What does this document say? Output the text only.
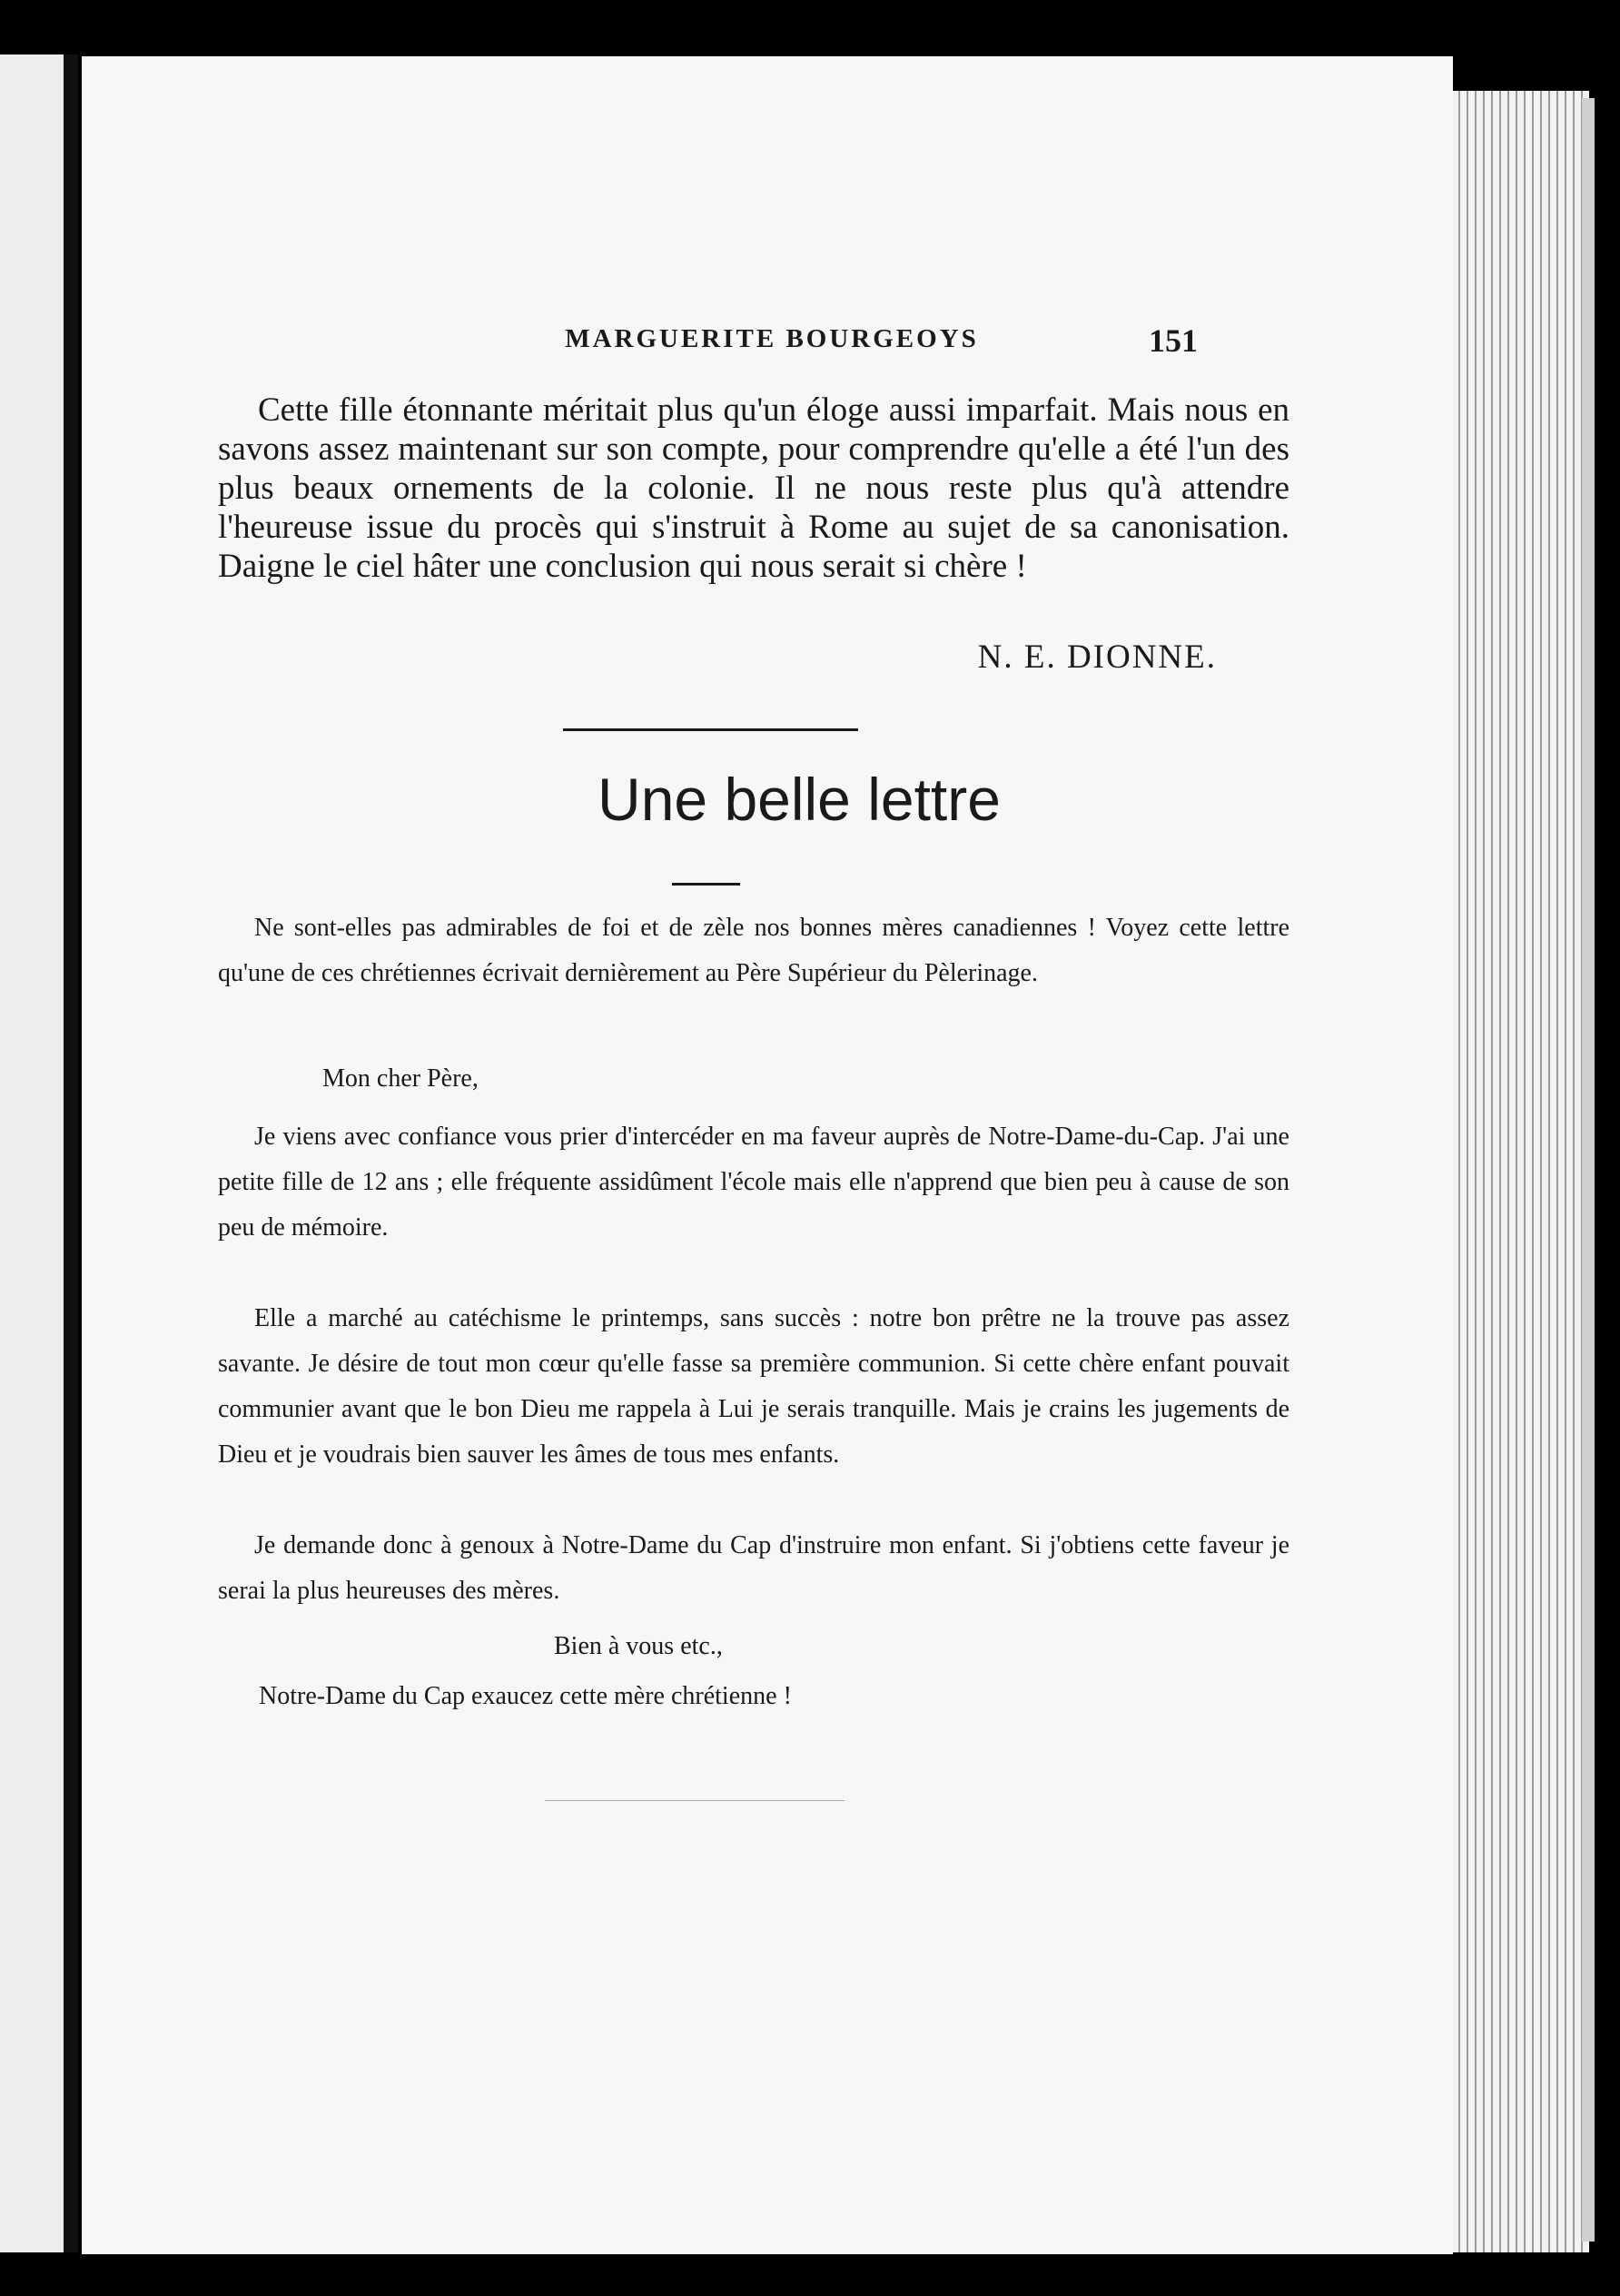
MARGUERITE BOURGEOYS	151
Cette fille étonnante méritait plus qu'un éloge aussi imparfait. Mais nous en savons assez maintenant sur son compte, pour comprendre qu'elle a été l'un des plus beaux ornements de la colonie. Il ne nous reste plus qu'à attendre l'heureuse issue du procès qui s'instruit à Rome au sujet de sa canonisation. Daigne le ciel hâter une conclusion qui nous serait si chère !
N. E. DIONNE.
Une belle lettre
Ne sont-elles pas admirables de foi et de zèle nos bonnes mères canadiennes ! Voyez cette lettre qu'une de ces chrétiennes écrivait dernièrement au Père Supérieur du Pèlerinage.
Mon cher Père,
Je viens avec confiance vous prier d'intercéder en ma faveur auprès de Notre-Dame-du-Cap. J'ai une petite fille de 12 ans ; elle fréquente assidûment l'école mais elle n'apprend que bien peu à cause de son peu de mémoire.
Elle a marché au catéchisme le printemps, sans succès : notre bon prêtre ne la trouve pas assez savante. Je désire de tout mon cœur qu'elle fasse sa première communion. Si cette chère enfant pouvait communier avant que le bon Dieu me rappela à Lui je serais tranquille. Mais je crains les jugements de Dieu et je voudrais bien sauver les âmes de tous mes enfants.
Je demande donc à genoux à Notre-Dame du Cap d'instruire mon enfant. Si j'obtiens cette faveur je serai la plus heureuses des mères.
Bien à vous etc.,
Notre-Dame du Cap exaucez cette mère chrétienne !
